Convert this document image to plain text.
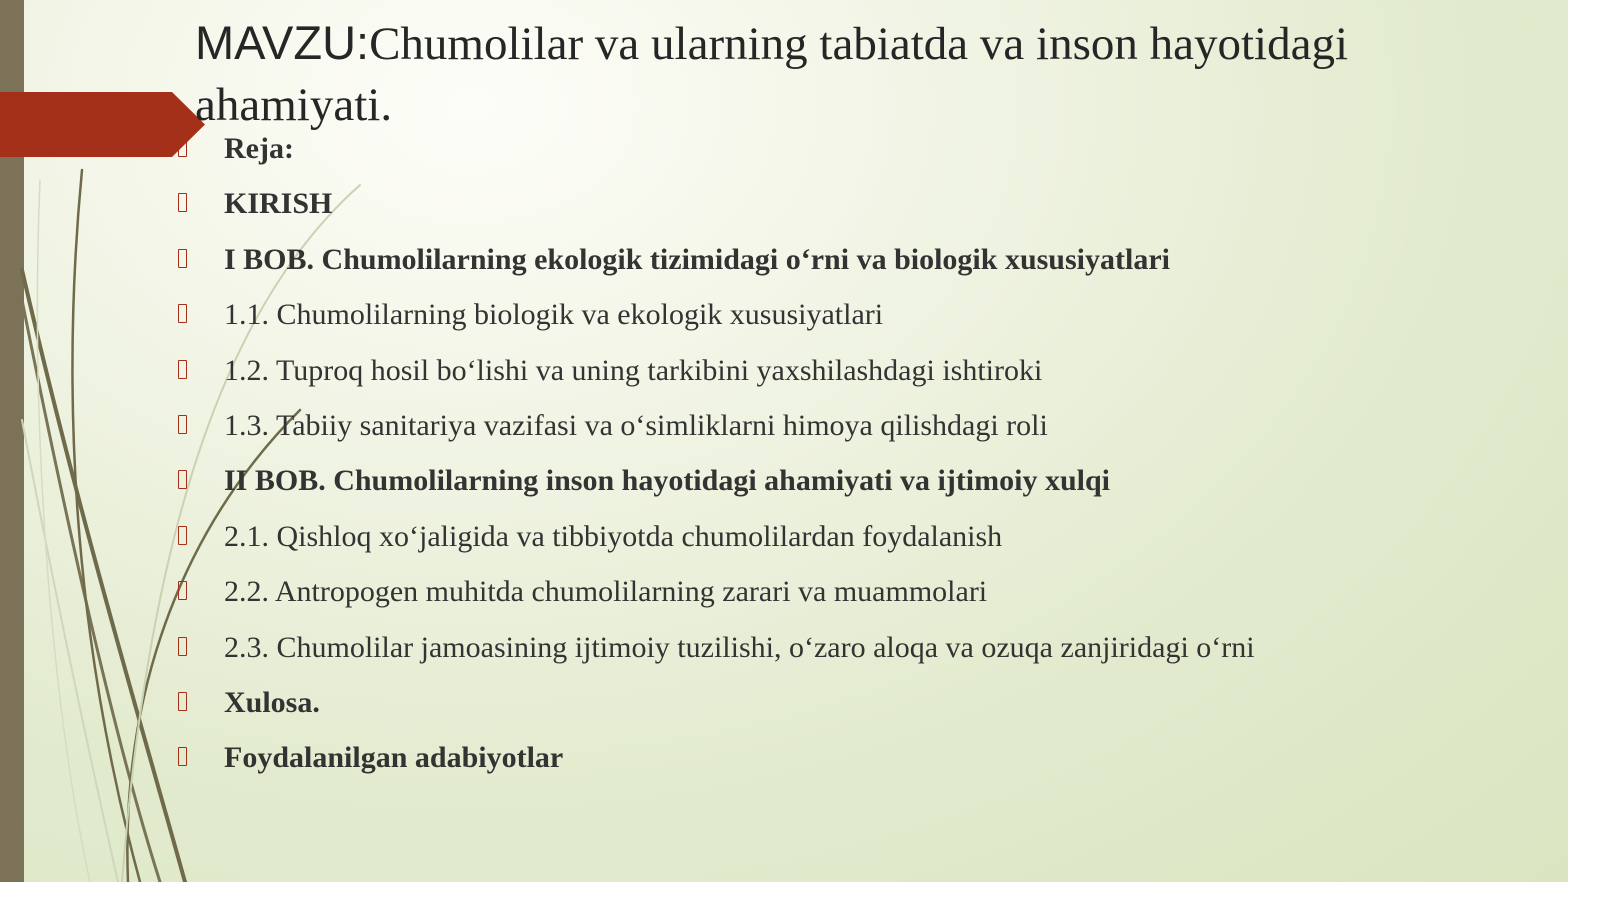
MAVZU:Chumolilar va ularning tabiatda va inson hayotidagi ahamiyati.
Reja:
KIRISH
I BOB. Chumolilarning ekologik tizimidagi o‘rni va biologik xususiyatlari
1.1. Chumolilarning biologik va ekologik xususiyatlari
1.2. Tuproq hosil bo‘lishi va uning tarkibini yaxshilashdagi ishtiroki
1.3. Tabiiy sanitariya vazifasi va o‘simliklarni himoya qilishdagi roli
II BOB. Chumolilarning inson hayotidagi ahamiyati va ijtimoiy xulqi
2.1. Qishloq xo‘jaligida va tibbiyotda chumolilardan foydalanish
2.2. Antropogen muhitda chumolilarning zarari va muammolari
2.3. Chumolilar jamoasining ijtimoiy tuzilishi, o‘zaro aloqa va ozuqa zanjiridagi o‘rni
Xulosa.
Foydalanilgan adabiyotlar
